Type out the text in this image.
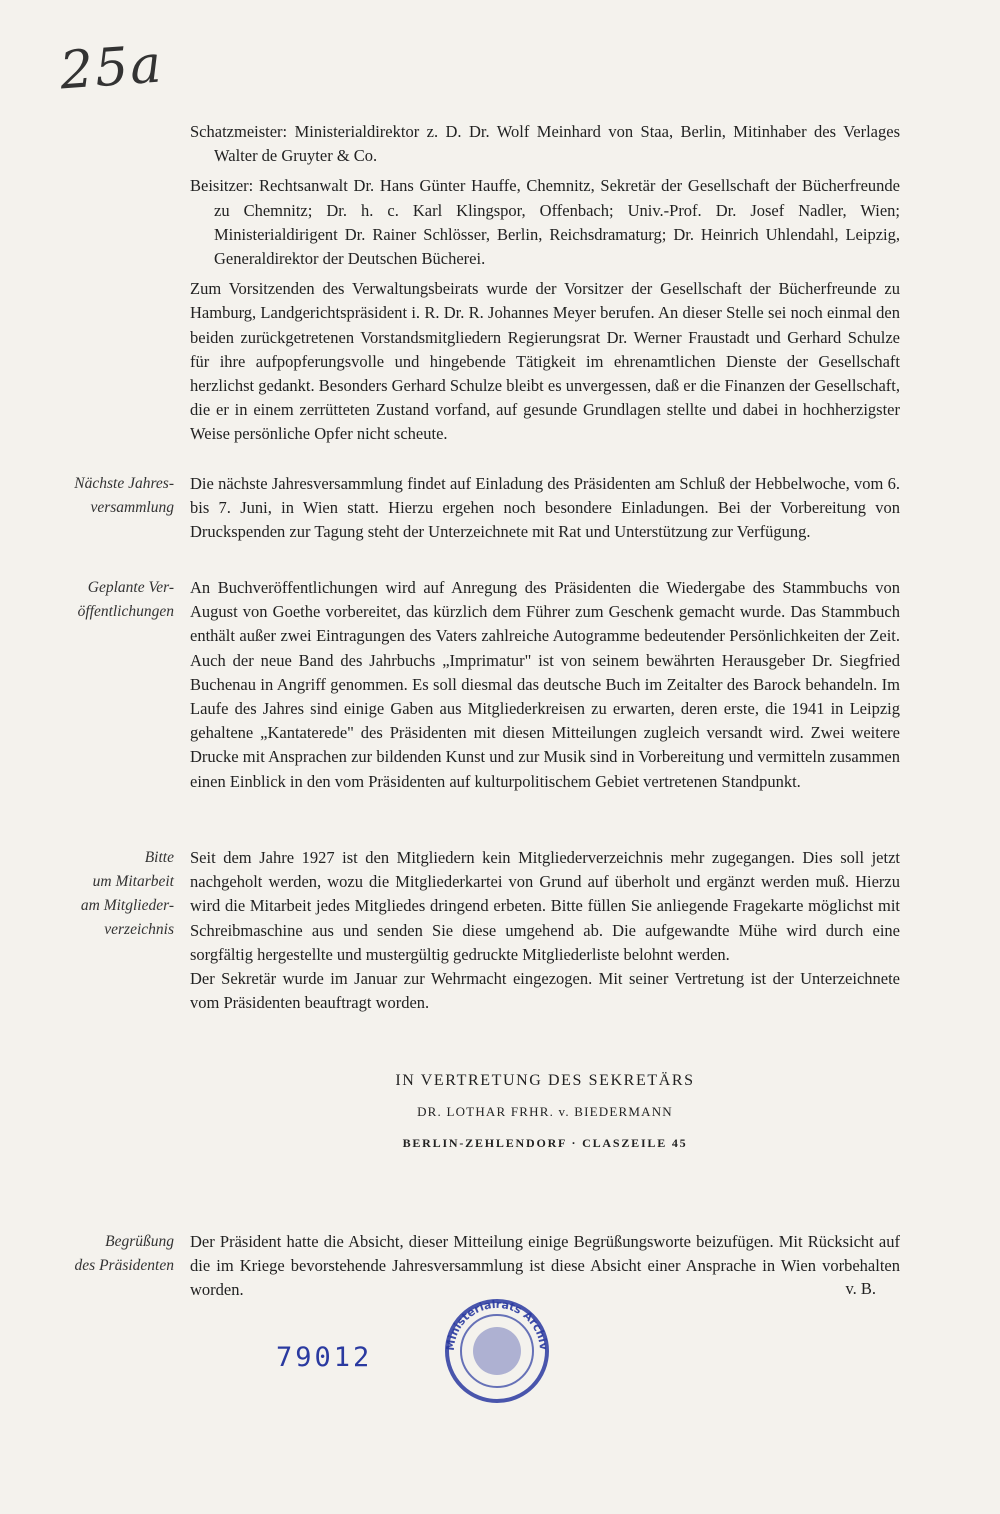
25a

Schatzmeister: Ministerialdirektor z. D. Dr. Wolf Meinhard von Staa, Berlin, Mitinhaber des Verlages Walter de Gruyter & Co.

Beisitzer: Rechtsanwalt Dr. Hans Günter Hauffe, Chemnitz, Sekretär der Gesellschaft der Bücherfreunde zu Chemnitz; Dr. h. c. Karl Klingspor, Offenbach; Univ.-Prof. Dr. Josef Nadler, Wien; Ministerialdirigent Dr. Rainer Schlösser, Berlin, Reichsdramaturg; Dr. Heinrich Uhlendahl, Leipzig, Generaldirektor der Deutschen Bücherei.

Zum Vorsitzenden des Verwaltungsbeirats wurde der Vorsitzer der Gesellschaft der Bücherfreunde zu Hamburg, Landgerichtspräsident i. R. Dr. R. Johannes Meyer berufen. An dieser Stelle sei noch einmal den beiden zurückgetretenen Vorstandsmitgliedern Regierungsrat Dr. Werner Fraustadt und Gerhard Schulze für ihre aufpopferungsvolle und hingebende Tätigkeit im ehrenamtlichen Dienste der Gesellschaft herzlichst gedankt. Besonders Gerhard Schulze bleibt es unvergessen, daß er die Finanzen der Gesellschaft, die er in einem zerrütteten Zustand vorfand, auf gesunde Grundlagen stellte und dabei in hochherzigster Weise persönliche Opfer nicht scheute.

Nächste Jahres-
versammlung
Die nächste Jahresversammlung findet auf Einladung des Präsidenten am Schluß der Hebbelwoche, vom 6. bis 7. Juni, in Wien statt. Hierzu ergehen noch besondere Einladungen. Bei der Vorbereitung von Druckspenden zur Tagung steht der Unterzeichnete mit Rat und Unterstützung zur Verfügung.
Geplante Ver-
öffentlichungen
An Buchveröffentlichungen wird auf Anregung des Präsidenten die Wiedergabe des Stammbuchs von August von Goethe vorbereitet, das kürzlich dem Führer zum Geschenk gemacht wurde. Das Stammbuch enthält außer zwei Eintragungen des Vaters zahlreiche Autogramme bedeutender Persönlichkeiten der Zeit. Auch der neue Band des Jahrbuchs „Imprimatur" ist von seinem bewährten Herausgeber Dr. Siegfried Buchenau in Angriff genommen. Es soll diesmal das deutsche Buch im Zeitalter des Barock behandeln. Im Laufe des Jahres sind einige Gaben aus Mitgliederkreisen zu erwarten, deren erste, die 1941 in Leipzig gehaltene „Kantaterede" des Präsidenten mit diesen Mitteilungen zugleich versandt wird. Zwei weitere Drucke mit Ansprachen zur bildenden Kunst und zur Musik sind in Vorbereitung und vermitteln zusammen einen Einblick in den vom Präsidenten auf kulturpolitischem Gebiet vertretenen Standpunkt.
Bitte
um Mitarbeit
am Mitglieder-
verzeichnis

Seit dem Jahre 1927 ist den Mitgliedern kein Mitgliederverzeichnis mehr zugegangen. Dies soll jetzt nachgeholt werden, wozu die Mitgliederkartei von Grund auf überholt und ergänzt werden muß. Hierzu wird die Mitarbeit jedes Mitgliedes dringend erbeten. Bitte füllen Sie anliegende Fragekarte möglichst mit Schreibmaschine aus und senden Sie diese umgehend ab. Die aufgewandte Mühe wird durch eine sorgfältig hergestellte und mustergültig gedruckte Mitgliederliste belohnt werden.

Der Sekretär wurde im Januar zur Wehrmacht eingezogen. Mit seiner Vertretung ist der Unterzeichnete vom Präsidenten beauftragt worden.

IN VERTRETUNG DES SEKRETÄRS
DR. LOTHAR FRHR. v. BIEDERMANN
BERLIN-ZEHLENDORF · CLASZEILE 45
Begrüßung
des Präsidenten
Der Präsident hatte die Absicht, dieser Mitteilung einige Begrüßungsworte beizufügen. Mit Rücksicht auf die im Kriege bevorstehende Jahresversammlung ist diese Absicht einer Ansprache in Wien vorbehalten worden.	v. B.
79012	Ministerialrats Archiv
